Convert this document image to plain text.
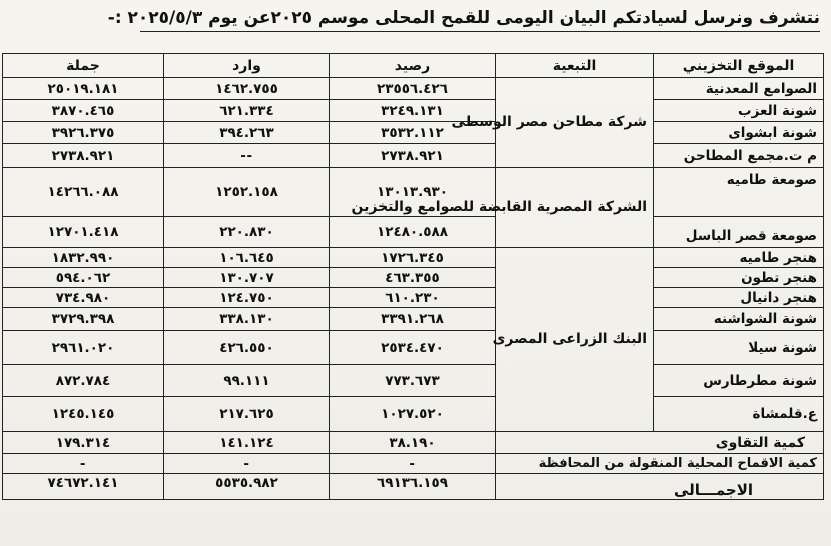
نتشرف ونرسل لسيادتكم البيان اليومى للقمح المحلى موسم ٢٠٢٥عن يوم ٢٠٢٥/٥/٣ :-
الموقع التخزيني	التبعية	رصيد	وارد	جملة
الصوامع المعدنية	شركة مطاحن مصر الوسطى	٢٣٥٥٦.٤٢٦	١٤٦٢.٧٥٥	٢٥٠١٩.١٨١
شونة العزب		٣٢٤٩.١٣١	٦٢١.٣٣٤	٣٨٧٠.٤٦٥
شونة ابشواى		٣٥٣٢.١١٢	٣٩٤.٢٦٣	٣٩٢٦.٣٧٥
م ت.مجمع المطاحن		٢٧٣٨.٩٢١	--	٢٧٣٨.٩٢١
صومعة طاميه	الشركة المصرية القابضة للصوامع والتخزين	١٣٠١٣.٩٣٠	١٢٥٢.١٥٨	١٤٢٦٦.٠٨٨
صومعة قصر الباسل		١٢٤٨٠.٥٨٨	٢٢٠.٨٣٠	١٢٧٠١.٤١٨
هنجر طاميه	البنك الزراعى المصرى	١٧٢٦.٣٤٥	١٠٦.٦٤٥	١٨٣٢.٩٩٠
هنجر تطون		٤٦٣.٣٥٥	١٣٠.٧٠٧	٥٩٤.٠٦٢
هنجر دانيال		٦١٠.٢٣٠	١٢٤.٧٥٠	٧٣٤.٩٨٠
شونة الشواشنه		٣٣٩١.٢٦٨	٣٣٨.١٣٠	٣٧٢٩.٣٩٨
شونة سيلا		٢٥٣٤.٤٧٠	٤٢٦.٥٥٠	٢٩٦١.٠٢٠
شونة مطرطارس		٧٧٣.٦٧٣	٩٩.١١١	٨٧٢.٧٨٤
ع.قلمشاة		١٠٢٧.٥٢٠	٢١٧.٦٢٥	١٢٤٥.١٤٥
كمية التقاوى		٣٨.١٩٠	١٤١.١٢٤	١٧٩.٣١٤
كمية الاقماح المحلية المنقولة من المحافظة		-	-	-
الاجمـــالى		٦٩١٣٦.١٥٩	٥٥٣٥.٩٨٢	٧٤٦٧٢.١٤١
